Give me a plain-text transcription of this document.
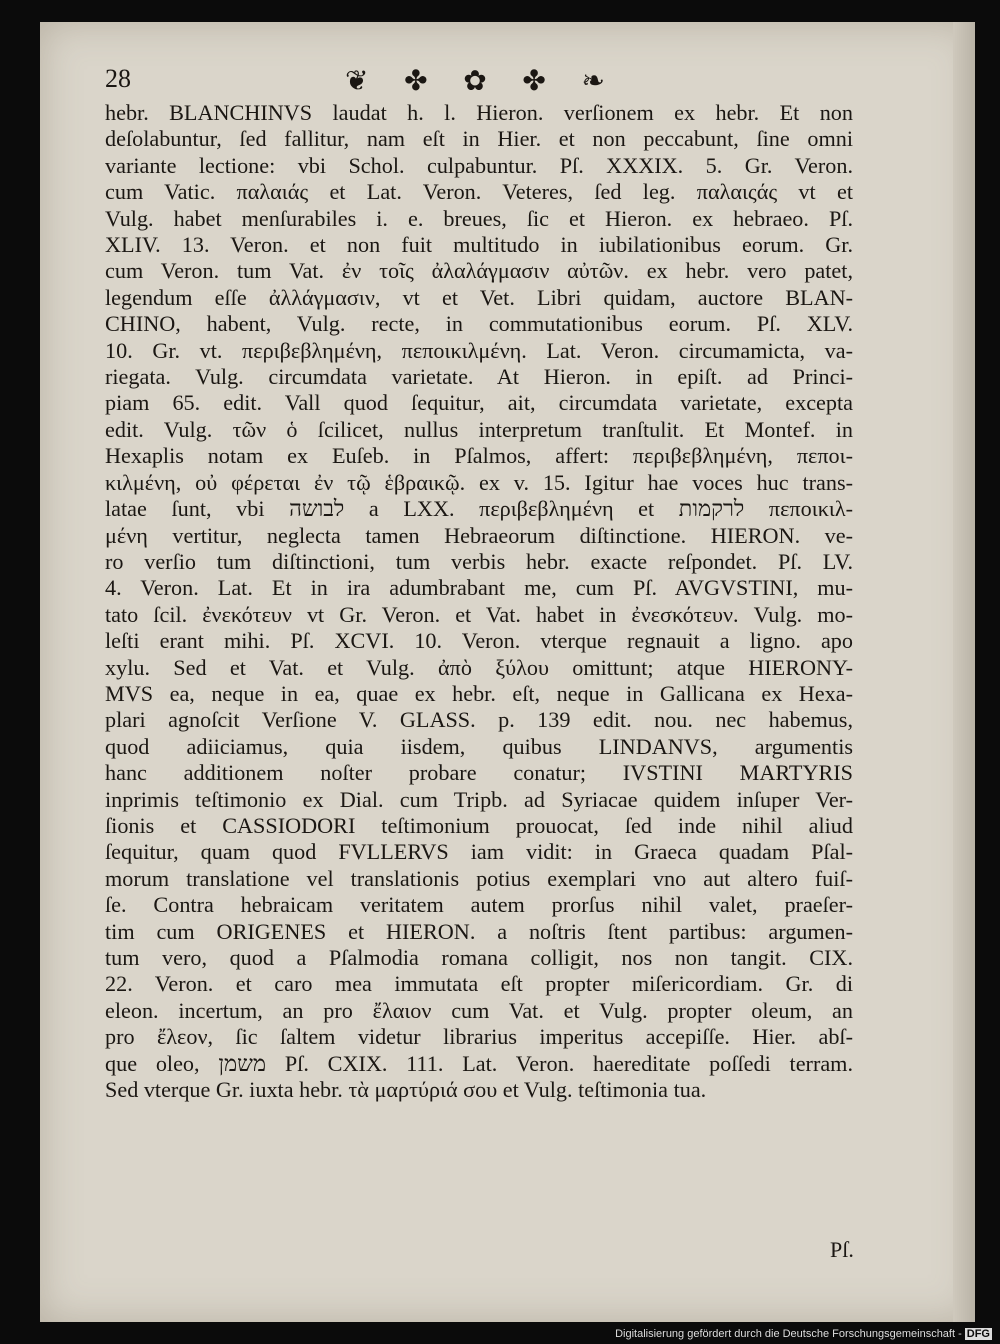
28	❦ ✤ ✿ ✤ ❧
hebr. BLANCHINVS laudat h. l. Hieron. verſionem ex hebr. Et non
deſolabuntur, ſed fallitur, nam eſt in Hier. et non peccabunt, ſine omni
variante lectione: vbi Schol. culpabuntur. Pſ. XXXIX. 5. Gr. Veron.
cum Vatic. παλαιάς et Lat. Veron. Veteres, ſed leg. παλαιςάς vt et
Vulg. habet menſurabiles i. e. breues, ſic et Hieron. ex hebraeo. Pſ.
XLIV. 13. Veron. et non fuit multitudo in iubilationibus eorum. Gr.
cum Veron. tum Vat. ἐν τοῖς ἀλαλάγμασιν αὐτῶν. ex hebr. vero patet,
legendum eſſe ἀλλάγμασιν, vt et Vet. Libri quidam, auctore BLAN-
CHINO, habent, Vulg. recte, in commutationibus eorum. Pſ. XLV.
10. Gr. vt. περιβεβλημένη, πεποικιλμένη. Lat. Veron. circumamicta, va-
riegata. Vulg. circumdata varietate. At Hieron. in epiſt. ad Princi-
piam 65. edit. Vall quod ſequitur, ait, circumdata varietate, excepta
edit. Vulg. τῶν ὁ ſcilicet, nullus interpretum tranſtulit. Et Montef. in
Hexaplis notam ex Euſeb. in Pſalmos, affert: περιβεβλημένη, πεποι-
κιλμένη, οὐ φέρεται ἐν τῷ ἑβραικῷ. ex v. 15. Igitur hae voces huc trans-
latae ſunt, vbi לבושה a LXX. περιβεβλημένη et לרקמות πεποικιλ-
μένη vertitur, neglecta tamen Hebraeorum diſtinctione. HIERON. ve-
ro verſio tum diſtinctioni, tum verbis hebr. exacte reſpondet. Pſ. LV.
4. Veron. Lat. Et in ira adumbrabant me, cum Pſ. AVGVSTINI, mu-
tato ſcil. ἐνεκότευν vt Gr. Veron. et Vat. habet in ἐνεσκότευν. Vulg. mo-
leſti erant mihi. Pſ. XCVI. 10. Veron. vterque regnauit a ligno. apo
xylu. Sed et Vat. et Vulg. ἀπὸ ξύλου omittunt; atque HIERONY-
MVS ea, neque in ea, quae ex hebr. eſt, neque in Gallicana ex Hexa-
plari agnoſcit Verſione V. GLASS. p. 139 edit. nou. nec habemus,
quod adiiciamus, quia iisdem, quibus LINDANVS, argumentis
hanc additionem noſter probare conatur; IVSTINI MARTYRIS
inprimis teſtimonio ex Dial. cum Tripb. ad Syriacae quidem inſuper Ver-
ſionis et CASSIODORI teſtimonium prouocat, ſed inde nihil aliud
ſequitur, quam quod FVLLERVS iam vidit: in Graeca quadam Pſal-
morum translatione vel translationis potius exemplari vno aut altero fuiſ-
ſe. Contra hebraicam veritatem autem prorſus nihil valet, praeſer-
tim cum ORIGENES et HIERON. a noſtris ſtent partibus: argumen-
tum vero, quod a Pſalmodia romana colligit, nos non tangit. CIX.
22. Veron. et caro mea immutata eſt propter miſericordiam. Gr. di
eleon. incertum, an pro ἔλαιον cum Vat. et Vulg. propter oleum, an
pro ἔλεον, ſic ſaltem videtur librarius imperitus accepiſſe. Hier. abſ-
que oleo, משמן Pſ. CXIX. 111. Lat. Veron. haereditate poſſedi terram.
Sed vterque Gr. iuxta hebr. τὰ μαρτύριά σου et Vulg. teſtimonia tua.
Pſ.
Digitalisierung gefördert durch die Deutsche Forschungsgemeinschaft - DFG
